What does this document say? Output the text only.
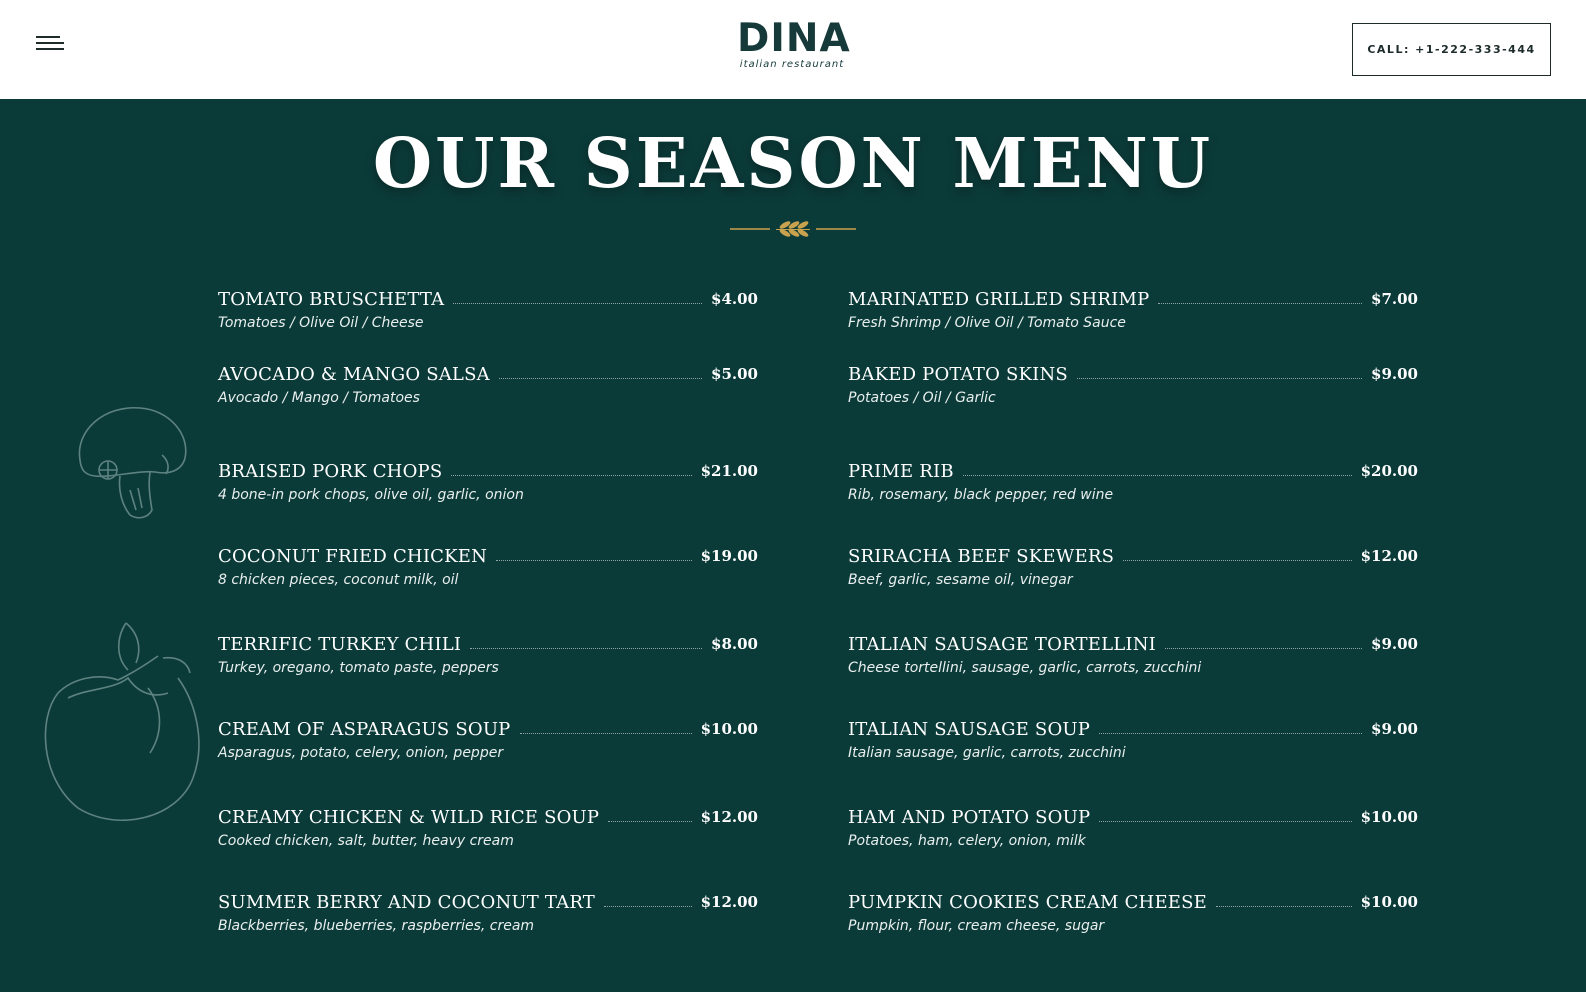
DINA
italian restaurant
CALL: +1-222-333-444
OUR SEASON MENU
TOMATO BRUSCHETTA	$4.00
Tomatoes / Olive Oil / Cheese
AVOCADO & MANGO SALSA	$5.00
Avocado / Mango / Tomatoes
BRAISED PORK CHOPS	$21.00
4 bone-in pork chops, olive oil, garlic, onion
COCONUT FRIED CHICKEN	$19.00
8 chicken pieces, coconut milk, oil
TERRIFIC TURKEY CHILI	$8.00
Turkey, oregano, tomato paste, peppers
CREAM OF ASPARAGUS SOUP	$10.00
Asparagus, potato, celery, onion, pepper
CREAMY CHICKEN & WILD RICE SOUP	$12.00
Cooked chicken, salt, butter, heavy cream
SUMMER BERRY AND COCONUT TART	$12.00
Blackberries, blueberries, raspberries, cream
MARINATED GRILLED SHRIMP	$7.00
Fresh Shrimp / Olive Oil / Tomato Sauce
BAKED POTATO SKINS	$9.00
Potatoes / Oil / Garlic
PRIME RIB	$20.00
Rib, rosemary, black pepper, red wine
SRIRACHA BEEF SKEWERS	$12.00
Beef, garlic, sesame oil, vinegar
ITALIAN SAUSAGE TORTELLINI	$9.00
Cheese tortellini, sausage, garlic, carrots, zucchini
ITALIAN SAUSAGE SOUP	$9.00
Italian sausage, garlic, carrots, zucchini
HAM AND POTATO SOUP	$10.00
Potatoes, ham, celery, onion, milk
PUMPKIN COOKIES CREAM CHEESE	$10.00
Pumpkin, flour, cream cheese, sugar
